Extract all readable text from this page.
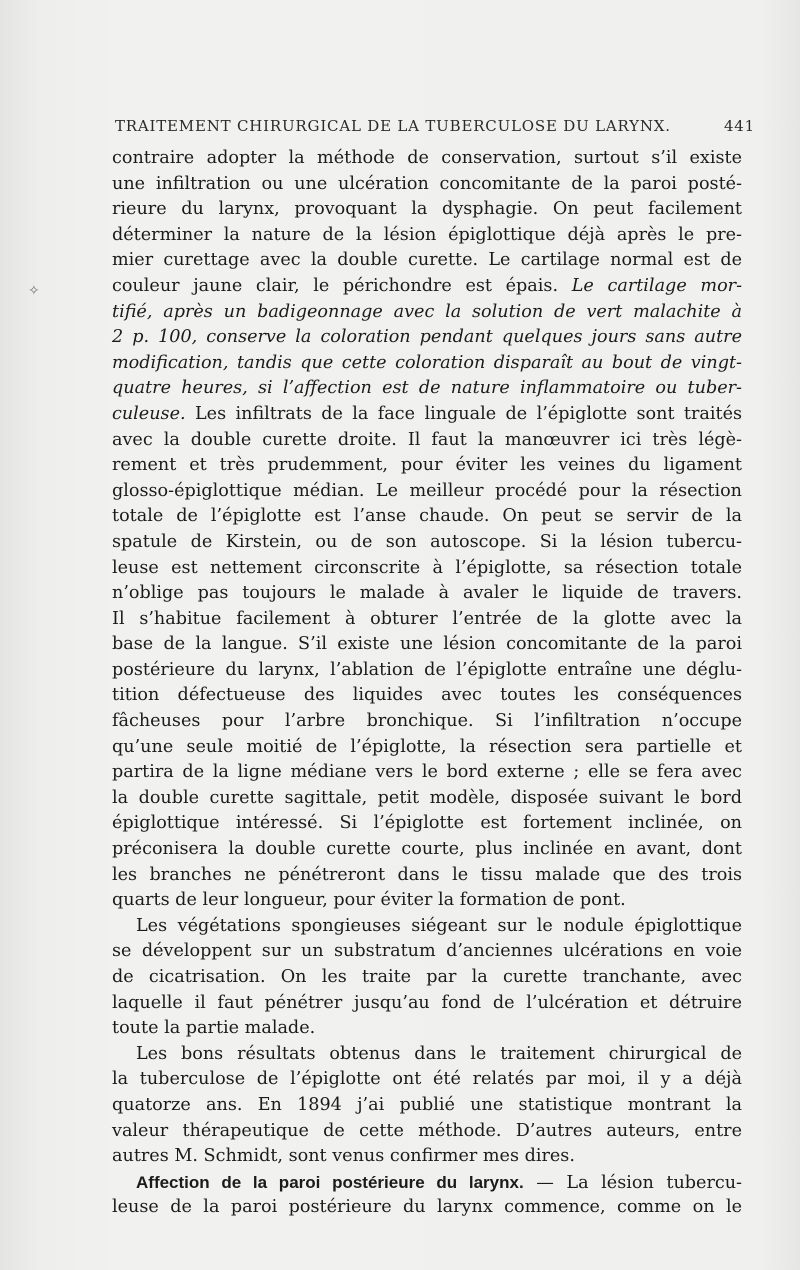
TRAITEMENT CHIRURGICAL DE LA TUBERCULOSE DU LARYNX.	441
✧
contraire adopter la méthode de conservation, surtout s’il existe
une infiltration ou une ulcération concomitante de la paroi posté-
rieure du larynx, provoquant la dysphagie. On peut facilement
déterminer la nature de la lésion épiglottique déjà après le pre-
mier curettage avec la double curette. Le cartilage normal est de
couleur jaune clair, le périchondre est épais. Le cartilage mor-
tifié, après un badigeonnage avec la solution de vert malachite à
2 p. 100, conserve la coloration pendant quelques jours sans autre
modification, tandis que cette coloration disparaît au bout de vingt-
quatre heures, si l’affection est de nature inflammatoire ou tuber-
culeuse. Les infiltrats de la face linguale de l’épiglotte sont traités
avec la double curette droite. Il faut la manœuvrer ici très légè-
rement et très prudemment, pour éviter les veines du ligament
glosso-épiglottique médian. Le meilleur procédé pour la résection
totale de l’épiglotte est l’anse chaude. On peut se servir de la
spatule de Kirstein, ou de son autoscope. Si la lésion tubercu-
leuse est nettement circonscrite à l’épiglotte, sa résection totale
n’oblige pas toujours le malade à avaler le liquide de travers.
Il s’habitue facilement à obturer l’entrée de la glotte avec la
base de la langue. S’il existe une lésion concomitante de la paroi
postérieure du larynx, l’ablation de l’épiglotte entraîne une déglu-
tition défectueuse des liquides avec toutes les conséquences
fâcheuses pour l’arbre bronchique. Si l’infiltration n’occupe
qu’une seule moitié de l’épiglotte, la résection sera partielle et
partira de la ligne médiane vers le bord externe ; elle se fera avec
la double curette sagittale, petit modèle, disposée suivant le bord
épiglottique intéressé. Si l’épiglotte est fortement inclinée, on
préconisera la double curette courte, plus inclinée en avant, dont
les branches ne pénétreront dans le tissu malade que des trois
quarts de leur longueur, pour éviter la formation de pont.
Les végétations spongieuses siégeant sur le nodule épiglottique
se développent sur un substratum d’anciennes ulcérations en voie
de cicatrisation. On les traite par la curette tranchante, avec
laquelle il faut pénétrer jusqu’au fond de l’ulcération et détruire
toute la partie malade.
Les bons résultats obtenus dans le traitement chirurgical de
la tuberculose de l’épiglotte ont été relatés par moi, il y a déjà
quatorze ans. En 1894 j’ai publié une statistique montrant la
valeur thérapeutique de cette méthode. D’autres auteurs, entre
autres M. Schmidt, sont venus confirmer mes dires.
Affection de la paroi postérieure du larynx. — La lésion tubercu-
leuse de la paroi postérieure du larynx commence, comme on le
